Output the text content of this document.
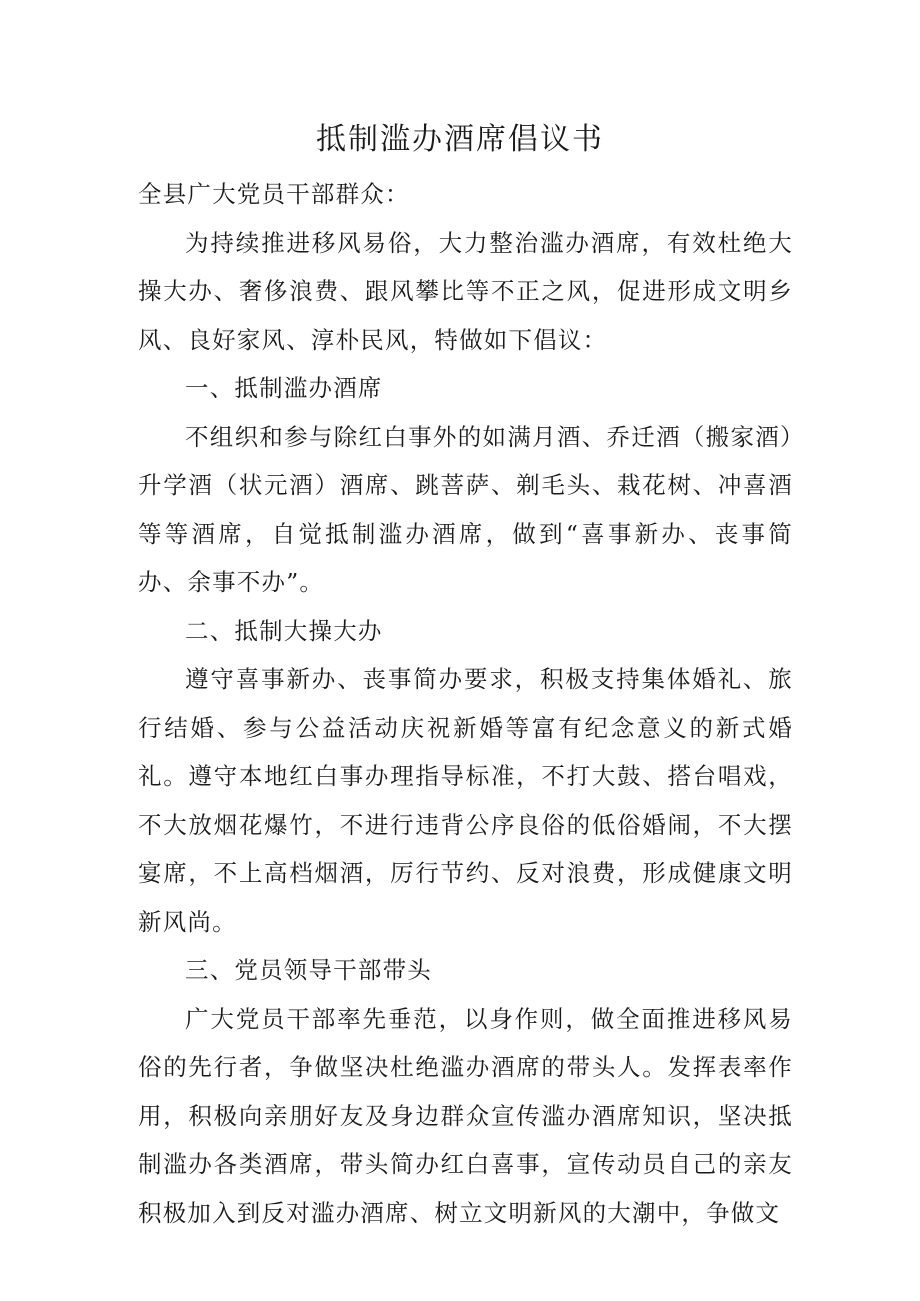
抵制滥办酒席倡议书

全县广大党员干部群众：

为持续推进移风易俗，大力整治滥办酒席，有效杜绝大操大办、奢侈浪费、跟风攀比等不正之风，促进形成文明乡风、良好家风、淳朴民风，特做如下倡议：

一、抵制滥办酒席

不组织和参与除红白事外的如满月酒、乔迁酒（搬家酒）升学酒（状元酒）酒席、跳菩萨、剃毛头、栽花树、冲喜酒等等酒席，自觉抵制滥办酒席，做到“喜事新办、丧事简办、余事不办”。

二、抵制大操大办

遵守喜事新办、丧事简办要求，积极支持集体婚礼、旅行结婚、参与公益活动庆祝新婚等富有纪念意义的新式婚礼。遵守本地红白事办理指导标准，不打大鼓、搭台唱戏，不大放烟花爆竹，不进行违背公序良俗的低俗婚闹，不大摆宴席，不上高档烟酒，厉行节约、反对浪费，形成健康文明新风尚。

三、党员领导干部带头

广大党员干部率先垂范，以身作则，做全面推进移风易俗的先行者，争做坚决杜绝滥办酒席的带头人。发挥表率作用，积极向亲朋好友及身边群众宣传滥办酒席知识，坚决抵制滥办各类酒席，带头简办红白喜事，宣传动员自己的亲友积极加入到反对滥办酒席、树立文明新风的大潮中，争做文
